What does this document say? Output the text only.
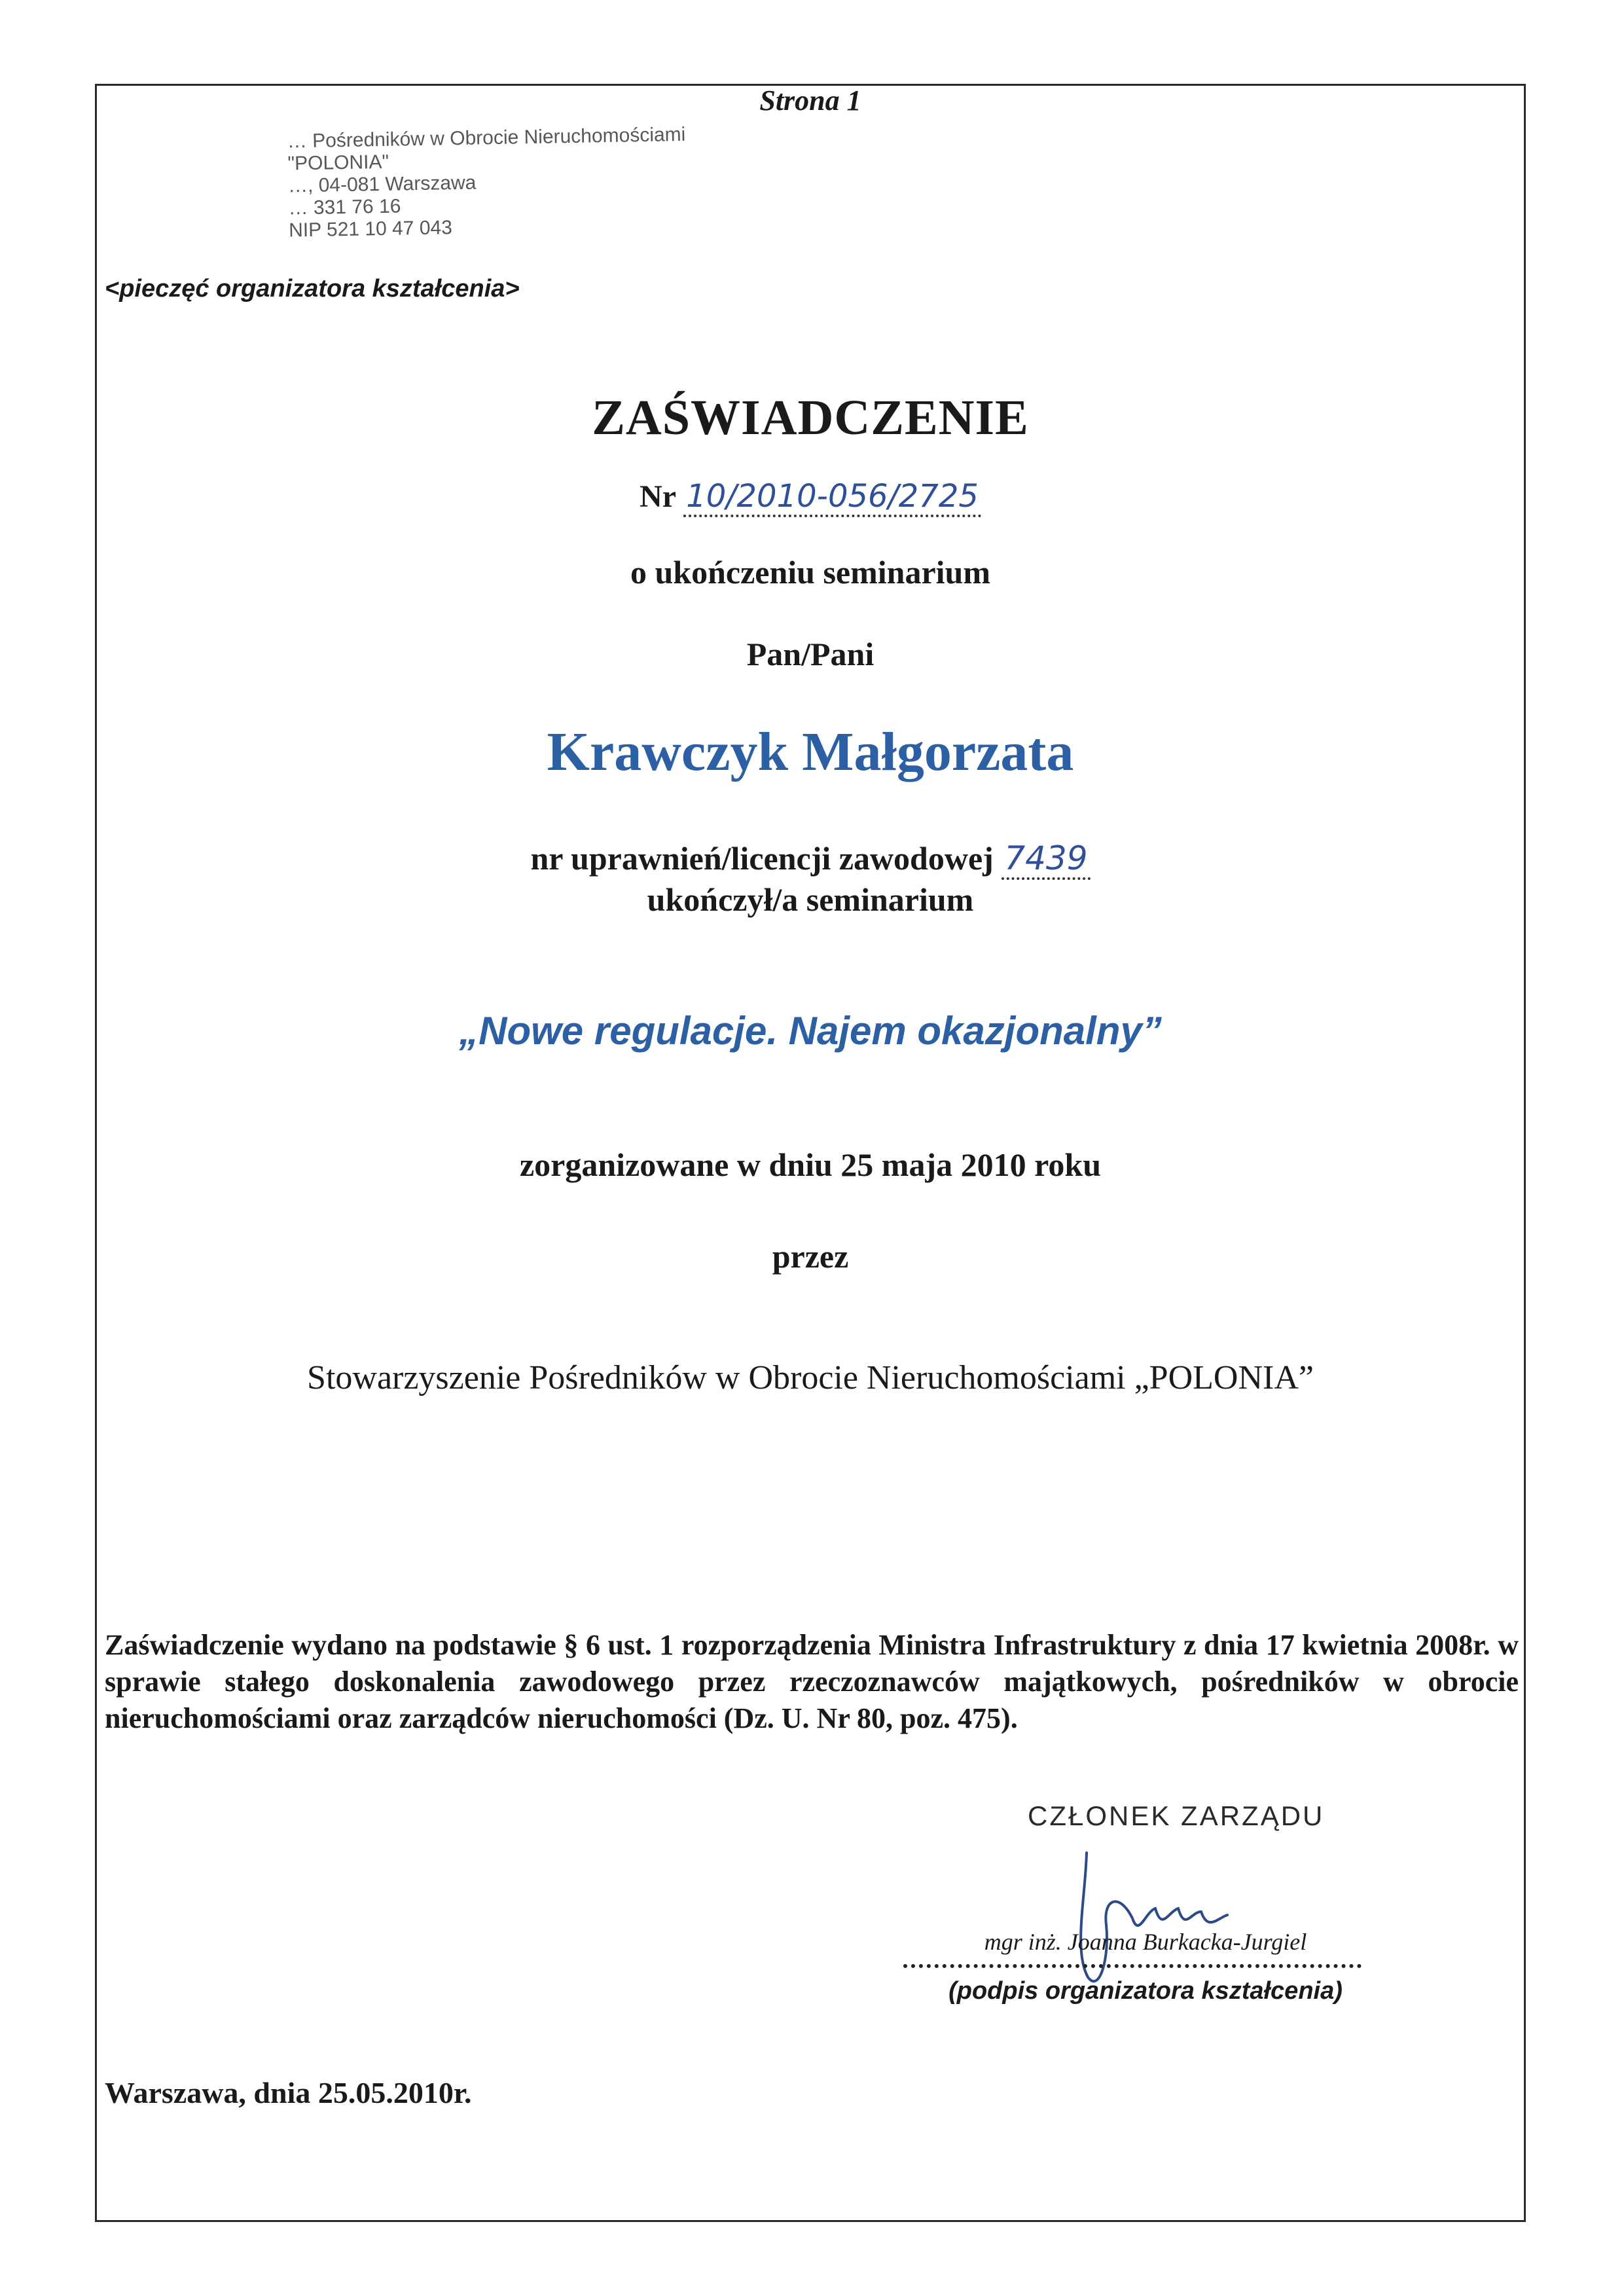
Strona 1
… Pośredników w Obrocie Nieruchomościami
"POLONIA"
…, 04-081 Warszawa
… 331 76 16
NIP 521 10 47 043
<pieczęć organizatora kształcenia>
ZAŚWIADCZENIE
Nr 10/2010-056/2725
o ukończeniu seminarium
Pan/Pani
Krawczyk Małgorzata
nr uprawnień/licencji zawodowej 7439
ukończył/a seminarium
„Nowe regulacje. Najem okazjonalny”
zorganizowane w dniu 25 maja 2010 roku
przez
Stowarzyszenie Pośredników w Obrocie Nieruchomościami „POLONIA”
Zaświadczenie wydano na podstawie § 6 ust. 1 rozporządzenia Ministra Infrastruktury z dnia 17 kwietnia 2008r. w sprawie stałego doskonalenia zawodowego przez rzeczoznawców majątkowych, pośredników w obrocie nieruchomościami oraz zarządców nieruchomości (Dz. U. Nr 80, poz. 475).
CZŁONEK ZARZĄDU
mgr inż. Joanna Burkacka-Jurgiel
(podpis organizatora kształcenia)
Warszawa, dnia 25.05.2010r.
